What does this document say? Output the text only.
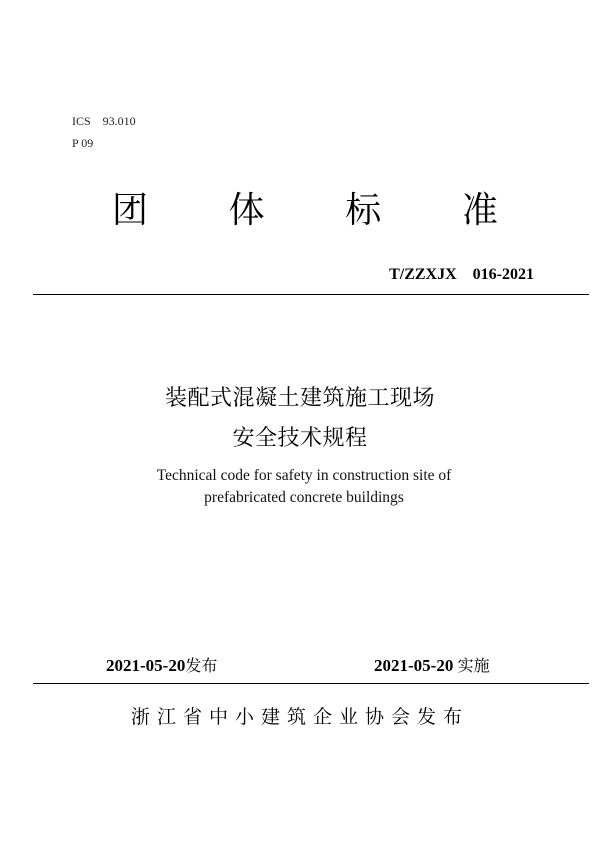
ICS    93.010
P 09
团 体 标 准
T/ZZXJX    016-2021
装配式混凝土建筑施工现场
安全技术规程
Technical code for safety in construction site of
prefabricated concrete buildings
2021-05-20发布	2021-05-20 实施
浙江省中小建筑企业协会发布
